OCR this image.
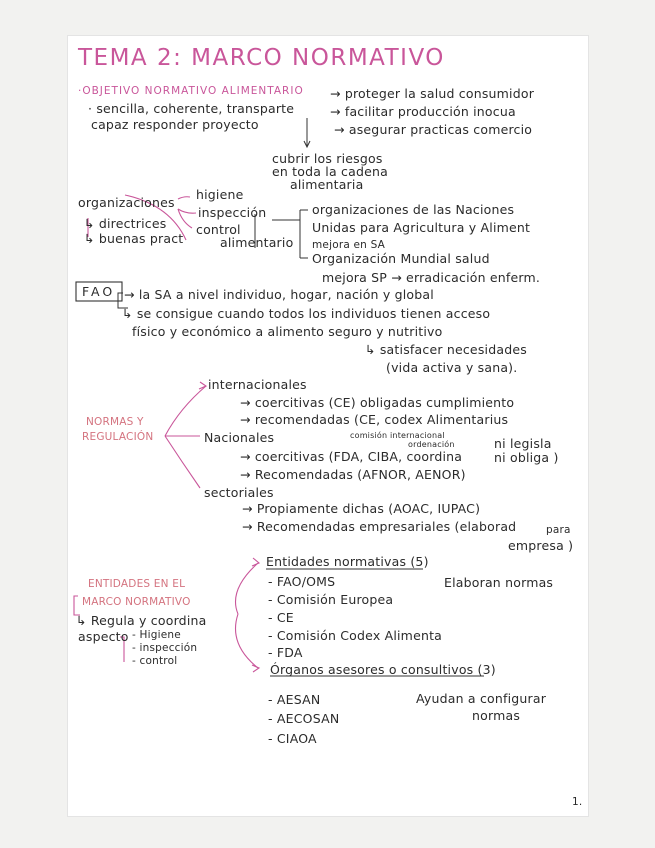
TEMA 2: MARCO NORMATIVO
·OBJETIVO NORMATIVO ALIMENTARIO
· sencilla, coherente, transparte
capaz responder proyecto
→ proteger la salud consumidor
→ facilitar producción inocua
→ asegurar practicas comercio
cubrir los riesgos
en toda la cadena
alimentaria
organizaciones
higiene
inspección
control
alimentario
↳ directrices
↳ buenas pract
organizaciones de las Naciones
Unidas para Agricultura y Aliment
mejora en SA
Organización Mundial salud
mejora SP → erradicación enferm.
FAO → la SA a nivel individuo, hogar, nación y global
↳ se consigue cuando todos los individuos tienen acceso
físico y económico a alimento seguro y nutritivo
↳ satisfacer necesidades
(vida activa y sana).
NORMAS Y
REGULACIÓN
internacionales
→ coercitivas (CE) obligadas cumplimiento
→ recomendadas (CE, codex Alimentarius
Nacionales	comisión internacional
ordenación
→ coercitivas (FDA, CIBA, coordina
ni legisla
ni obliga )
→ Recomendadas (AFNOR, AENOR)
sectoriales
→ Propiamente dichas (AOAC, IUPAC)
→ Recomendadas empresariales (elaborad	para
empresa )
ENTIDADES EN EL
MARCO NORMATIVO
↳ Regula y coordina
aspecto - Higiene
- inspección
- control
Entidades normativas (5)
Elaboran normas
- FAO/OMS
- Comisión Europea
- CE
- Comisión Codex Alimenta
- FDA
Órganos asesores o consultivos (3)
Ayudan a configurar
normas
- AESAN
- AECOSAN
- CIAOA
1.
